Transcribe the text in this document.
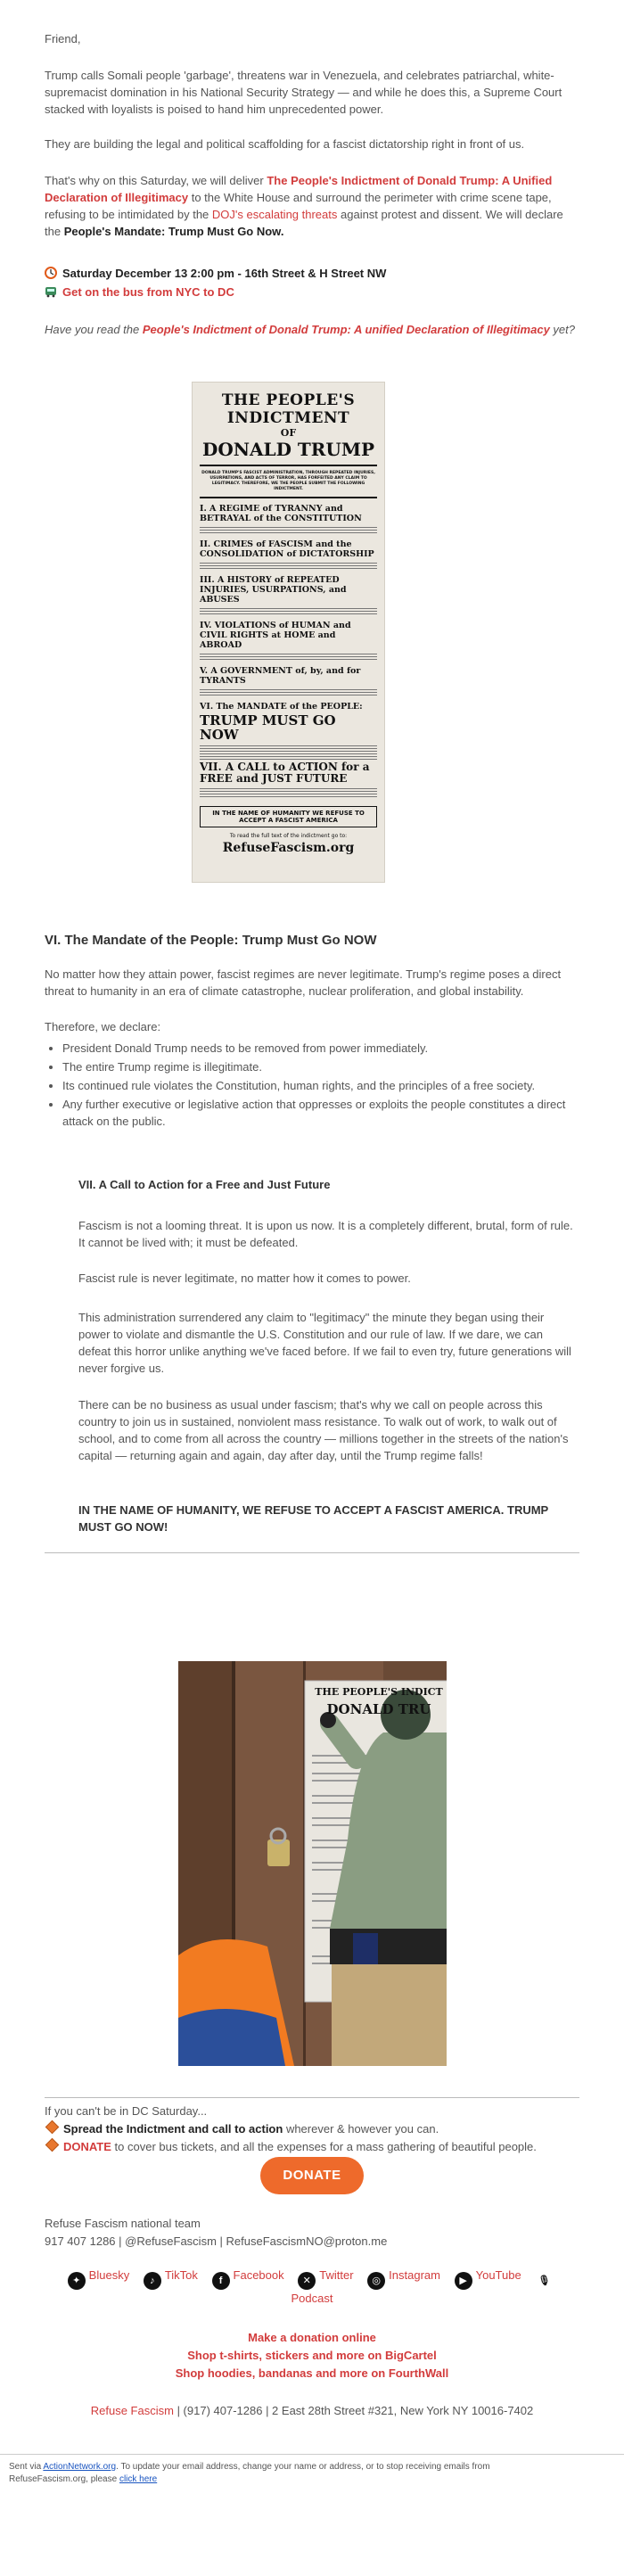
Friend,

Trump calls Somali people 'garbage', threatens war in Venezuela, and celebrates patriarchal, white-supremacist domination in his National Security Strategy — and while he does this, a Supreme Court stacked with loyalists is poised to hand him unprecedented power.

They are building the legal and political scaffolding for a fascist dictatorship right in front of us.

That's why on this Saturday, we will deliver The People's Indictment of Donald Trump: A Unified Declaration of Illegitimacy to the White House and surround the perimeter with crime scene tape, refusing to be intimidated by the DOJ's escalating threats against protest and dissent. We will declare the People's Mandate: Trump Must Go Now.

Saturday December 13 2:00 pm - 16th Street & H Street NW

Get on the bus from NYC to DC

Have you read the People's Indictment of Donald Trump: A unified Declaration of Illegitimacy yet?

THE PEOPLE'S INDICTMENT
OF
DONALD TRUMP
DONALD TRUMP'S FASCIST ADMINISTRATION, THROUGH REPEATED INJURIES, USURPATIONS, AND ACTS OF TERROR, HAS FORFEITED ANY CLAIM TO LEGITIMACY. THEREFORE, WE THE PEOPLE SUBMIT THE FOLLOWING INDICTMENT.
I. A REGIME of TYRANNY and BETRAYAL of the CONSTITUTION
II. CRIMES of FASCISM and the CONSOLIDATION of DICTATORSHIP
III. A HISTORY of REPEATED INJURIES, USURPATIONS, and ABUSES
IV. VIOLATIONS of HUMAN and CIVIL RIGHTS at HOME and ABROAD
V. A GOVERNMENT of, by, and for TYRANTS
VI. The MANDATE of the PEOPLE:
TRUMP MUST GO NOW
VII. A CALL to ACTION for a FREE and JUST FUTURE
IN THE NAME OF HUMANITY WE REFUSE TO ACCEPT A FASCIST AMERICA
To read the full text of the indictment go to:
RefuseFascism.org

VI. The Mandate of the People: Trump Must Go NOW

No matter how they attain power, fascist regimes are never legitimate. Trump's regime poses a direct threat to humanity in an era of climate catastrophe, nuclear proliferation, and global instability.

Therefore, we declare:

• President Donald Trump needs to be removed from power immediately.
• The entire Trump regime is illegitimate.
• Its continued rule violates the Constitution, human rights, and the principles of a free society.
• Any further executive or legislative action that oppresses or exploits the people constitutes a direct attack on the public.

VII. A Call to Action for a Free and Just Future

Fascism is not a looming threat. It is upon us now. It is a completely different, brutal, form of rule. It cannot be lived with; it must be defeated.

Fascist rule is never legitimate, no matter how it comes to power.

This administration surrendered any claim to "legitimacy" the minute they began using their power to violate and dismantle the U.S. Constitution and our rule of law. If we dare, we can defeat this horror unlike anything we've faced before. If we fail to even try, future generations will never forgive us.

There can be no business as usual under fascism; that's why we call on people across this country to join us in sustained, nonviolent mass resistance. To walk out of work, to walk out of school, and to come from all across the country — millions together in the streets of the nation's capital — returning again and again, day after day, until the Trump regime falls!

IN THE NAME OF HUMANITY, WE REFUSE TO ACCEPT A FASCIST AMERICA. TRUMP MUST GO NOW!

THE PEOPLE'S INDICT
DONALD TRU

If you can't be in DC Saturday...

Spread the Indictment and call to action wherever & however you can.

DONATE to cover bus tickets, and all the expenses for a mass gathering of beautiful people.

DONATE

Refuse Fascism national team

917 407 1286 | @RefuseFascism | RefuseFascismNO@proton.me

✦ Bluesky ♪ TikTok f Facebook ✕ Twitter ◎ Instagram ▶ YouTube 🎙
Podcast

Make a donation online

Shop t-shirts, stickers and more on BigCartel

Shop hoodies, bandanas and more on FourthWall

Refuse Fascism | (917) 407-1286 | 2 East 28th Street #321, New York NY 10016-7402

Sent via ActionNetwork.org. To update your email address, change your name or address, or to stop receiving emails from RefuseFascism.org, please click here
